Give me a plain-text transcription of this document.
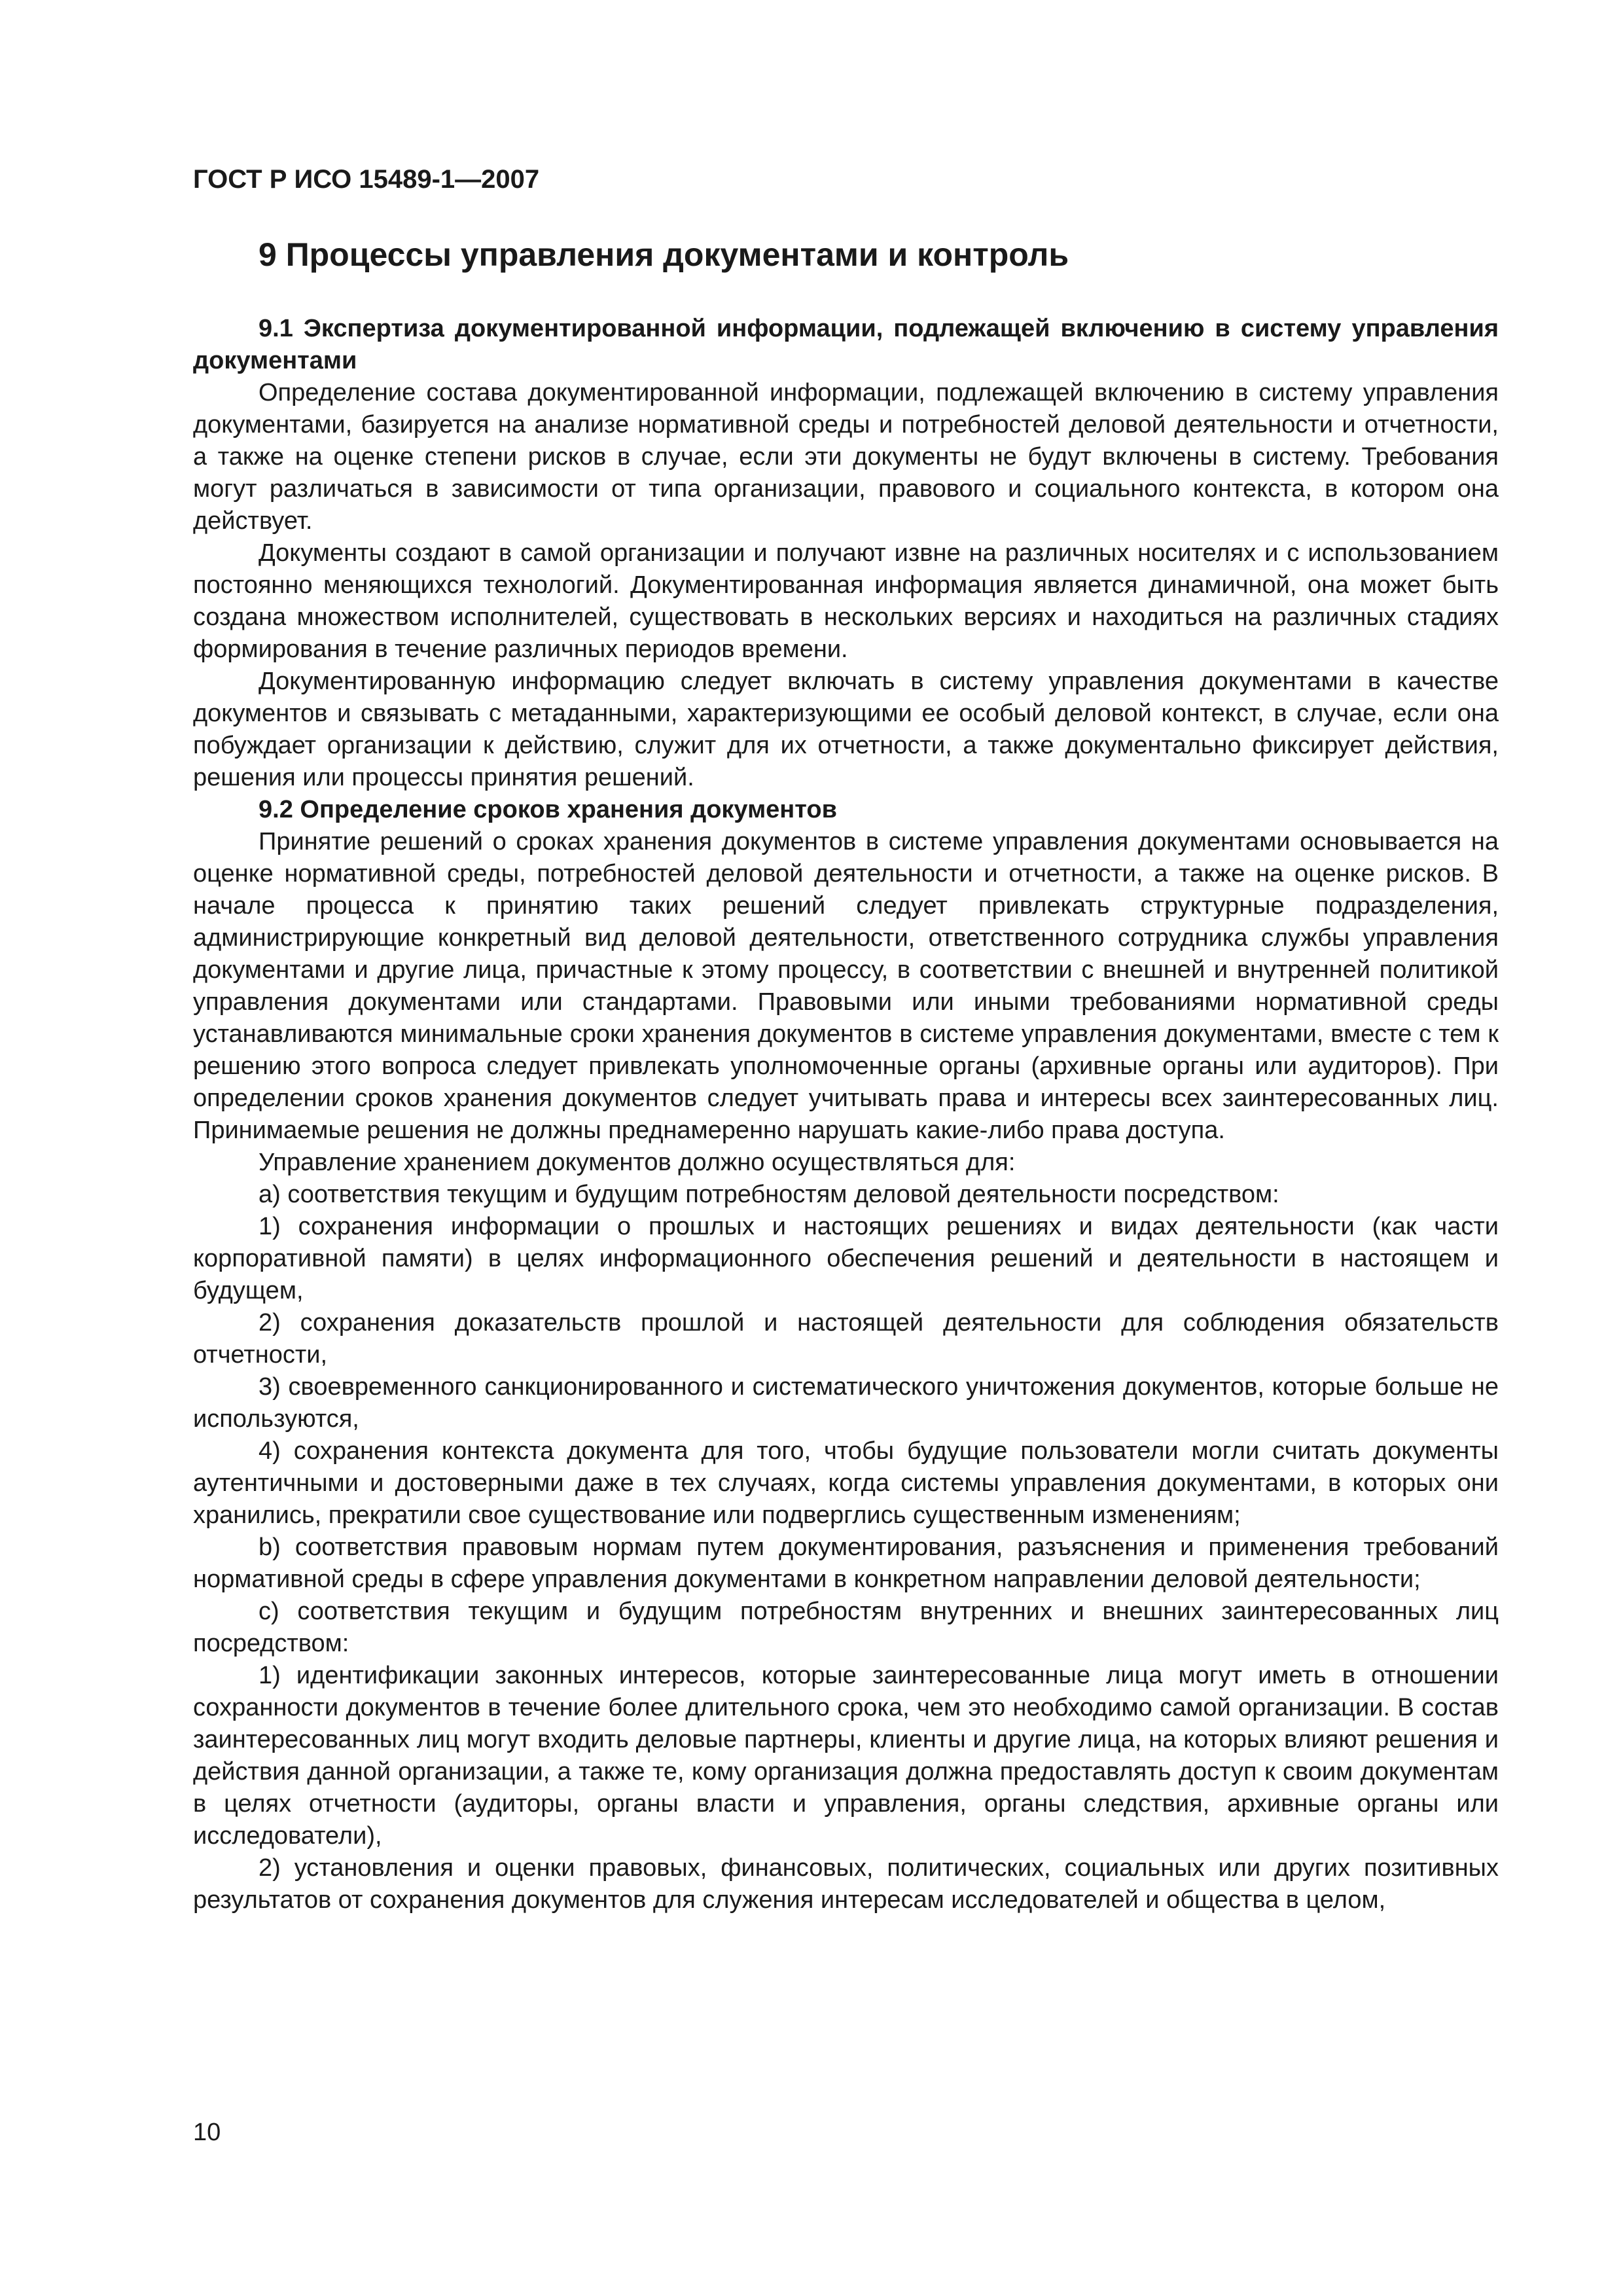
ГОСТ Р ИСО 15489-1—2007
9 Процессы управления документами и контроль

9.1 Экспертиза документированной информации, подлежащей включению в систему управления документами

Определение состава документированной информации, подлежащей включению в систему управления документами, базируется на анализе нормативной среды и потребностей деловой деятельности и отчетности, а также на оценке степени рисков в случае, если эти документы не будут включены в систему. Требования могут различаться в зависимости от типа организации, правового и социального контекста, в котором она действует.

Документы создают в самой организации и получают извне на различных носителях и с использованием постоянно меняющихся технологий. Документированная информация является динамичной, она может быть создана множеством исполнителей, существовать в нескольких версиях и находиться на различных стадиях формирования в течение различных периодов времени.

Документированную информацию следует включать в систему управления документами в качестве документов и связывать с метаданными, характеризующими ее особый деловой контекст, в случае, если она побуждает организации к действию, служит для их отчетности, а также документально фиксирует действия, решения или процессы принятия решений.

9.2 Определение сроков хранения документов

Принятие решений о сроках хранения документов в системе управления документами основывается на оценке нормативной среды, потребностей деловой деятельности и отчетности, а также на оценке рисков. В начале процесса к принятию таких решений следует привлекать структурные подразделения, администрирующие конкретный вид деловой деятельности, ответственного сотрудника службы управления документами и другие лица, причастные к этому процессу, в соответствии с внешней и внутренней политикой управления документами или стандартами. Правовыми или иными требованиями нормативной среды устанавливаются минимальные сроки хранения документов в системе управления документами, вместе с тем к решению этого вопроса следует привлекать уполномоченные органы (архивные органы или аудиторов). При определении сроков хранения документов следует учитывать права и интересы всех заинтересованных лиц. Принимаемые решения не должны преднамеренно нарушать какие-либо права доступа.

Управление хранением документов должно осуществляться для:

а) соответствия текущим и будущим потребностям деловой деятельности посредством:

1) сохранения информации о прошлых и настоящих решениях и видах деятельности (как части корпоративной памяти) в целях информационного обеспечения решений и деятельности в настоящем и будущем,

2) сохранения доказательств прошлой и настоящей деятельности для соблюдения обязательств отчетности,

3) своевременного санкционированного и систематического уничтожения документов, которые больше не используются,

4) сохранения контекста документа для того, чтобы будущие пользователи могли считать документы аутентичными и достоверными даже в тех случаях, когда системы управления документами, в которых они хранились, прекратили свое существование или подверглись существенным изменениям;

b) соответствия правовым нормам путем документирования, разъяснения и применения требований нормативной среды в сфере управления документами в конкретном направлении деловой деятельности;

с) соответствия текущим и будущим потребностям внутренних и внешних заинтересованных лиц посредством:

1) идентификации законных интересов, которые заинтересованные лица могут иметь в отношении сохранности документов в течение более длительного срока, чем это необходимо самой организации. В состав заинтересованных лиц могут входить деловые партнеры, клиенты и другие лица, на которых влияют решения и действия данной организации, а также те, кому организация должна предоставлять доступ к своим документам в целях отчетности (аудиторы, органы власти и управления, органы следствия, архивные органы или исследователи),

2) установления и оценки правовых, финансовых, политических, социальных или других позитивных результатов от сохранения документов для служения интересам исследователей и общества в целом,

10
